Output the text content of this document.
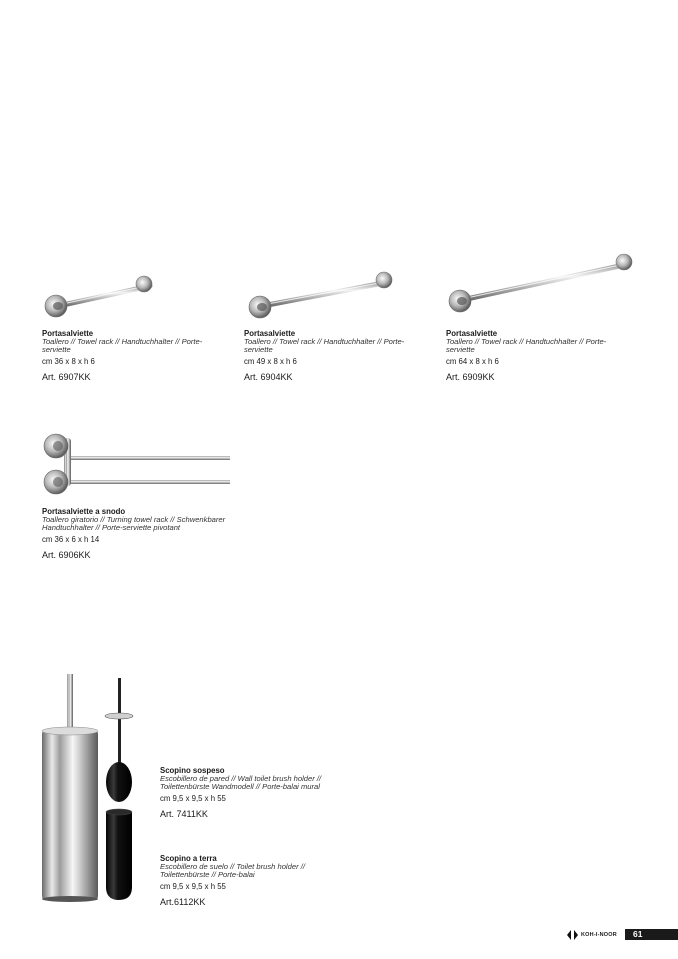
Portasalviette
Toallero // Towel rack // Handtuchhalter // Porte-serviette
cm 36 x 8 x h 6
Art. 6907KK
Portasalviette
Toallero // Towel rack // Handtuchhalter // Porte-serviette
cm 49 x 8 x h 6
Art. 6904KK
Portasalviette
Toallero // Towel rack // Handtuchhalter // Porte-serviette
cm 64 x 8 x h 6
Art. 6909KK
Portasalviette a snodo
Toallero giratorio // Turning towel rack // Schwenkbarer Handtuchhalter // Porte-serviette pivotant
cm 36 x 6 x h 14
Art. 6906KK
Scopino sospeso
Escobillero de pared // Wall toilet brush holder // Toilettenbürste Wandmodell // Porte-balai mural
cm 9,5 x 9,5 x h 55
Art. 7411KK
Scopino a terra
Escobillero de suelo // Toilet brush holder // Toilettenbürste // Porte-balai
cm 9,5 x 9,5 x h 55
Art.6112KK
KOH-I-NOOR	61
